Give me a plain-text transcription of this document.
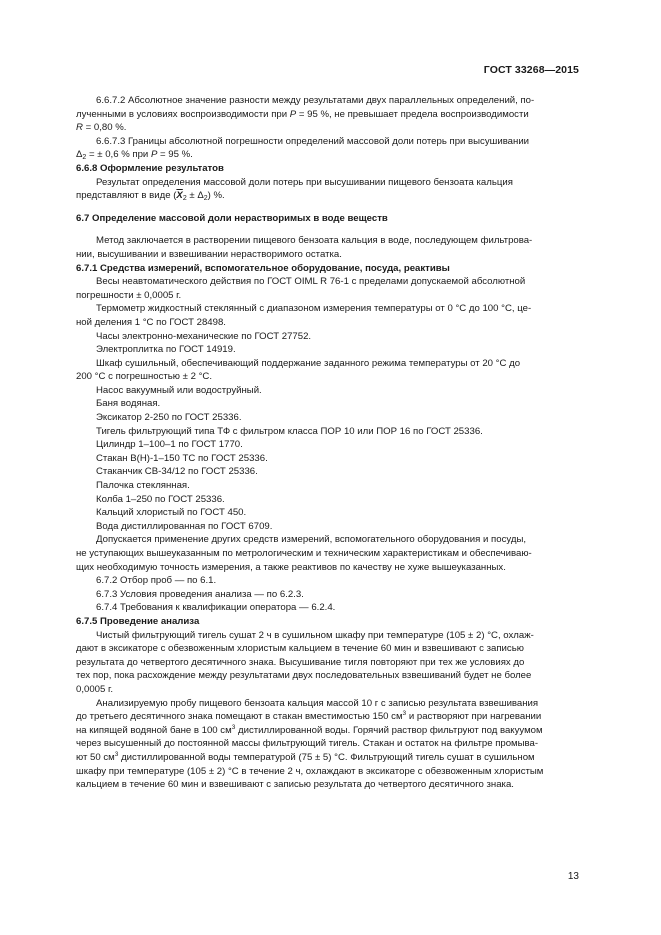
ГОСТ 33268—2015

6.6.7.2 Абсолютное значение разности между результатами двух параллельных определений, по-

лученными в условиях воспроизводимости при P = 95 %, не превышает предела воспроизводимости

R = 0,80 %.

6.6.7.3 Границы абсолютной погрешности определений массовой доли потерь при высушивании

$\Delta_2$ = ± 0,6 % при P = 95 %.

6.6.8 Оформление результатов

Результат определения массовой доли потерь при высушивании пищевого бензоата кальция

представляют в виде $(\overline{X}_2 \pm \Delta_2)$ %.

6.7 Определение массовой доли нерастворимых в воде веществ

Метод заключается в растворении пищевого бензоата кальция в воде, последующем фильтрова-

нии, высушивании и взвешивании нерастворимого остатка.

6.7.1 Средства измерений, вспомогательное оборудование, посуда, реактивы

Весы неавтоматического действия по ГОСТ OIML R 76-1 с пределами допускаемой абсолютной

погрешности ± 0,0005 г.

Термометр жидкостный стеклянный с диапазоном измерения температуры от 0 °С до 100 °С, це-

ной деления 1 °С по ГОСТ 28498.

Часы электронно-механические по ГОСТ 27752.

Электроплитка по ГОСТ 14919.

Шкаф сушильный, обеспечивающий поддержание заданного режима температуры от 20 °С до

200 °С с погрешностью ± 2 °С.

Насос вакуумный или водоструйный.

Баня водяная.

Эксикатор 2-250 по ГОСТ 25336.

Тигель фильтрующий типа ТФ с фильтром класса ПОР 10 или ПОР 16 по ГОСТ 25336.

Цилиндр 1–100–1 по ГОСТ 1770.

Стакан В(Н)-1–150 ТС по ГОСТ 25336.

Стаканчик СВ-34/12 по ГОСТ 25336.

Палочка стеклянная.

Колба 1–250 по ГОСТ 25336.

Кальций хлористый по ГОСТ 450.

Вода дистиллированная по ГОСТ 6709.

Допускается применение других средств измерений, вспомогательного оборудования и посуды,

не уступающих вышеуказанным по метрологическим и техническим характеристикам и обеспечиваю-

щих необходимую точность измерения, а также реактивов по качеству не хуже вышеуказанных.

6.7.2 Отбор проб — по 6.1.

6.7.3 Условия проведения анализа — по 6.2.3.

6.7.4 Требования к квалификации оператора — 6.2.4.

6.7.5 Проведение анализа

Чистый фильтрующий тигель сушат 2 ч в сушильном шкафу при температуре (105 ± 2) °С, охлаж-

дают в эксикаторе с обезвоженным хлористым кальцием в течение 60 мин и взвешивают с записью

результата до четвертого десятичного знака. Высушивание тигля повторяют при тех же условиях до

тех пор, пока расхождение между результатами двух последовательных взвешиваний будет не более

0,0005 г.

Анализируемую пробу пищевого бензоата кальция массой 10 г с записью результата взвешивания

до третьего десятичного знака помещают в стакан вместимостью 150 $см^3$ и растворяют при нагревании

на кипящей водяной бане в 100 $см^3$ дистиллированной воды. Горячий раствор фильтруют под вакуумом

через высушенный до постоянной массы фильтрующий тигель. Стакан и остаток на фильтре промыва-

ют 50 $см^3$ дистиллированной воды температурой (75 ± 5) °С. Фильтрующий тигель сушат в сушильном

шкафу при температуре (105 ± 2) °С в течение 2 ч, охлаждают в эксикаторе с обезвоженным хлористым

кальцием в течение 60 мин и взвешивают с записью результата до четвертого десятичного знака.

13
